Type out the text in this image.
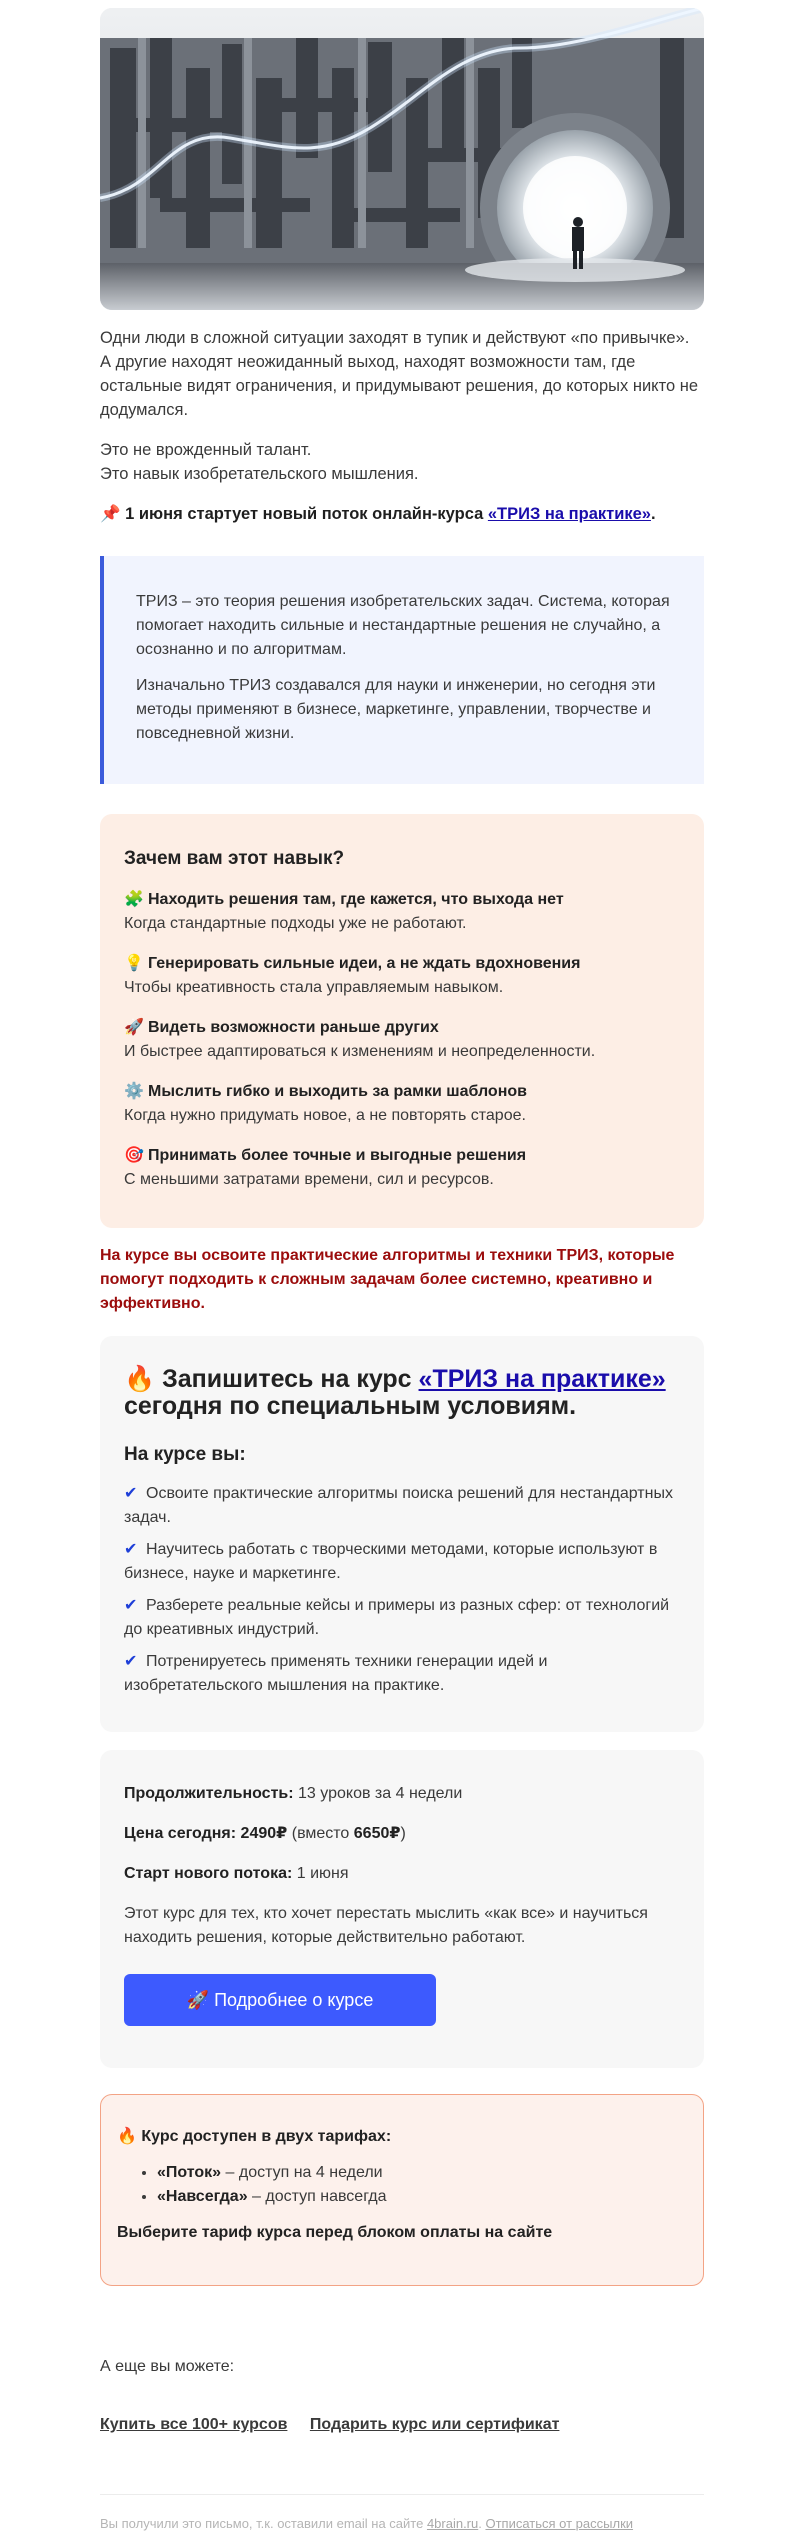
Одни люди в сложной ситуации заходят в тупик и действуют «по привычке».

А другие находят неожиданный выход, находят возможности там, где остальные видят ограничения, и придумывают решения, до которых никто не додумался.

Это не врожденный талант.

Это навык изобретательского мышления.

📌 1 июня стартует новый поток онлайн-курса «ТРИЗ на практике».

ТРИЗ – это теория решения изобретательских задач. Система, которая помогает находить сильные и нестандартные решения не случайно, а осознанно и по алгоритмам.

Изначально ТРИЗ создавался для науки и инженерии, но сегодня эти методы применяют в бизнесе, маркетинге, управлении, творчестве и повседневной жизни.

Зачем вам этот навык?
🧩 Находить решения там, где кажется, что выхода нет
Когда стандартные подходы уже не работают.
💡 Генерировать сильные идеи, а не ждать вдохновения
Чтобы креативность стала управляемым навыком.
🚀 Видеть возможности раньше других
И быстрее адаптироваться к изменениям и неопределенности.
⚙️ Мыслить гибко и выходить за рамки шаблонов
Когда нужно придумать новое, а не повторять старое.
🎯 Принимать более точные и выгодные решения
С меньшими затратами времени, сил и ресурсов.
На курсе вы освоите практические алгоритмы и техники ТРИЗ, которые помогут подходить к сложным задачам более системно, креативно и эффективно.
🔥 Запишитесь на курс «ТРИЗ на практике» сегодня по специальным условиям.
На курсе вы:
✔ Освоите практические алгоритмы поиска решений для нестандартных задач.
✔ Научитесь работать с творческими методами, которые используют в бизнесе, науке и маркетинге.
✔ Разберете реальные кейсы и примеры из разных сфер: от технологий до креативных индустрий.
✔ Потренируетесь применять техники генерации идей и изобретательского мышления на практике.
Продолжительность: 13 уроков за 4 недели
Цена сегодня: 2490₽ (вместо 6650₽)
Старт нового потока: 1 июня
Этот курс для тех, кто хочет перестать мыслить «как все» и научиться находить решения, которые действительно работают.
🚀 Подробнее о курсе
🔥 Курс доступен в двух тарифах:
• «Поток» – доступ на 4 недели
• «Навсегда» – доступ навсегда
Выберите тариф курса перед блоком оплаты на сайте
А еще вы можете:
Купить все 100+ курсов Подарить курс или сертификат
Вы получили это письмо, т.к. оставили email на сайте 4brain.ru. Отписаться от рассылки
